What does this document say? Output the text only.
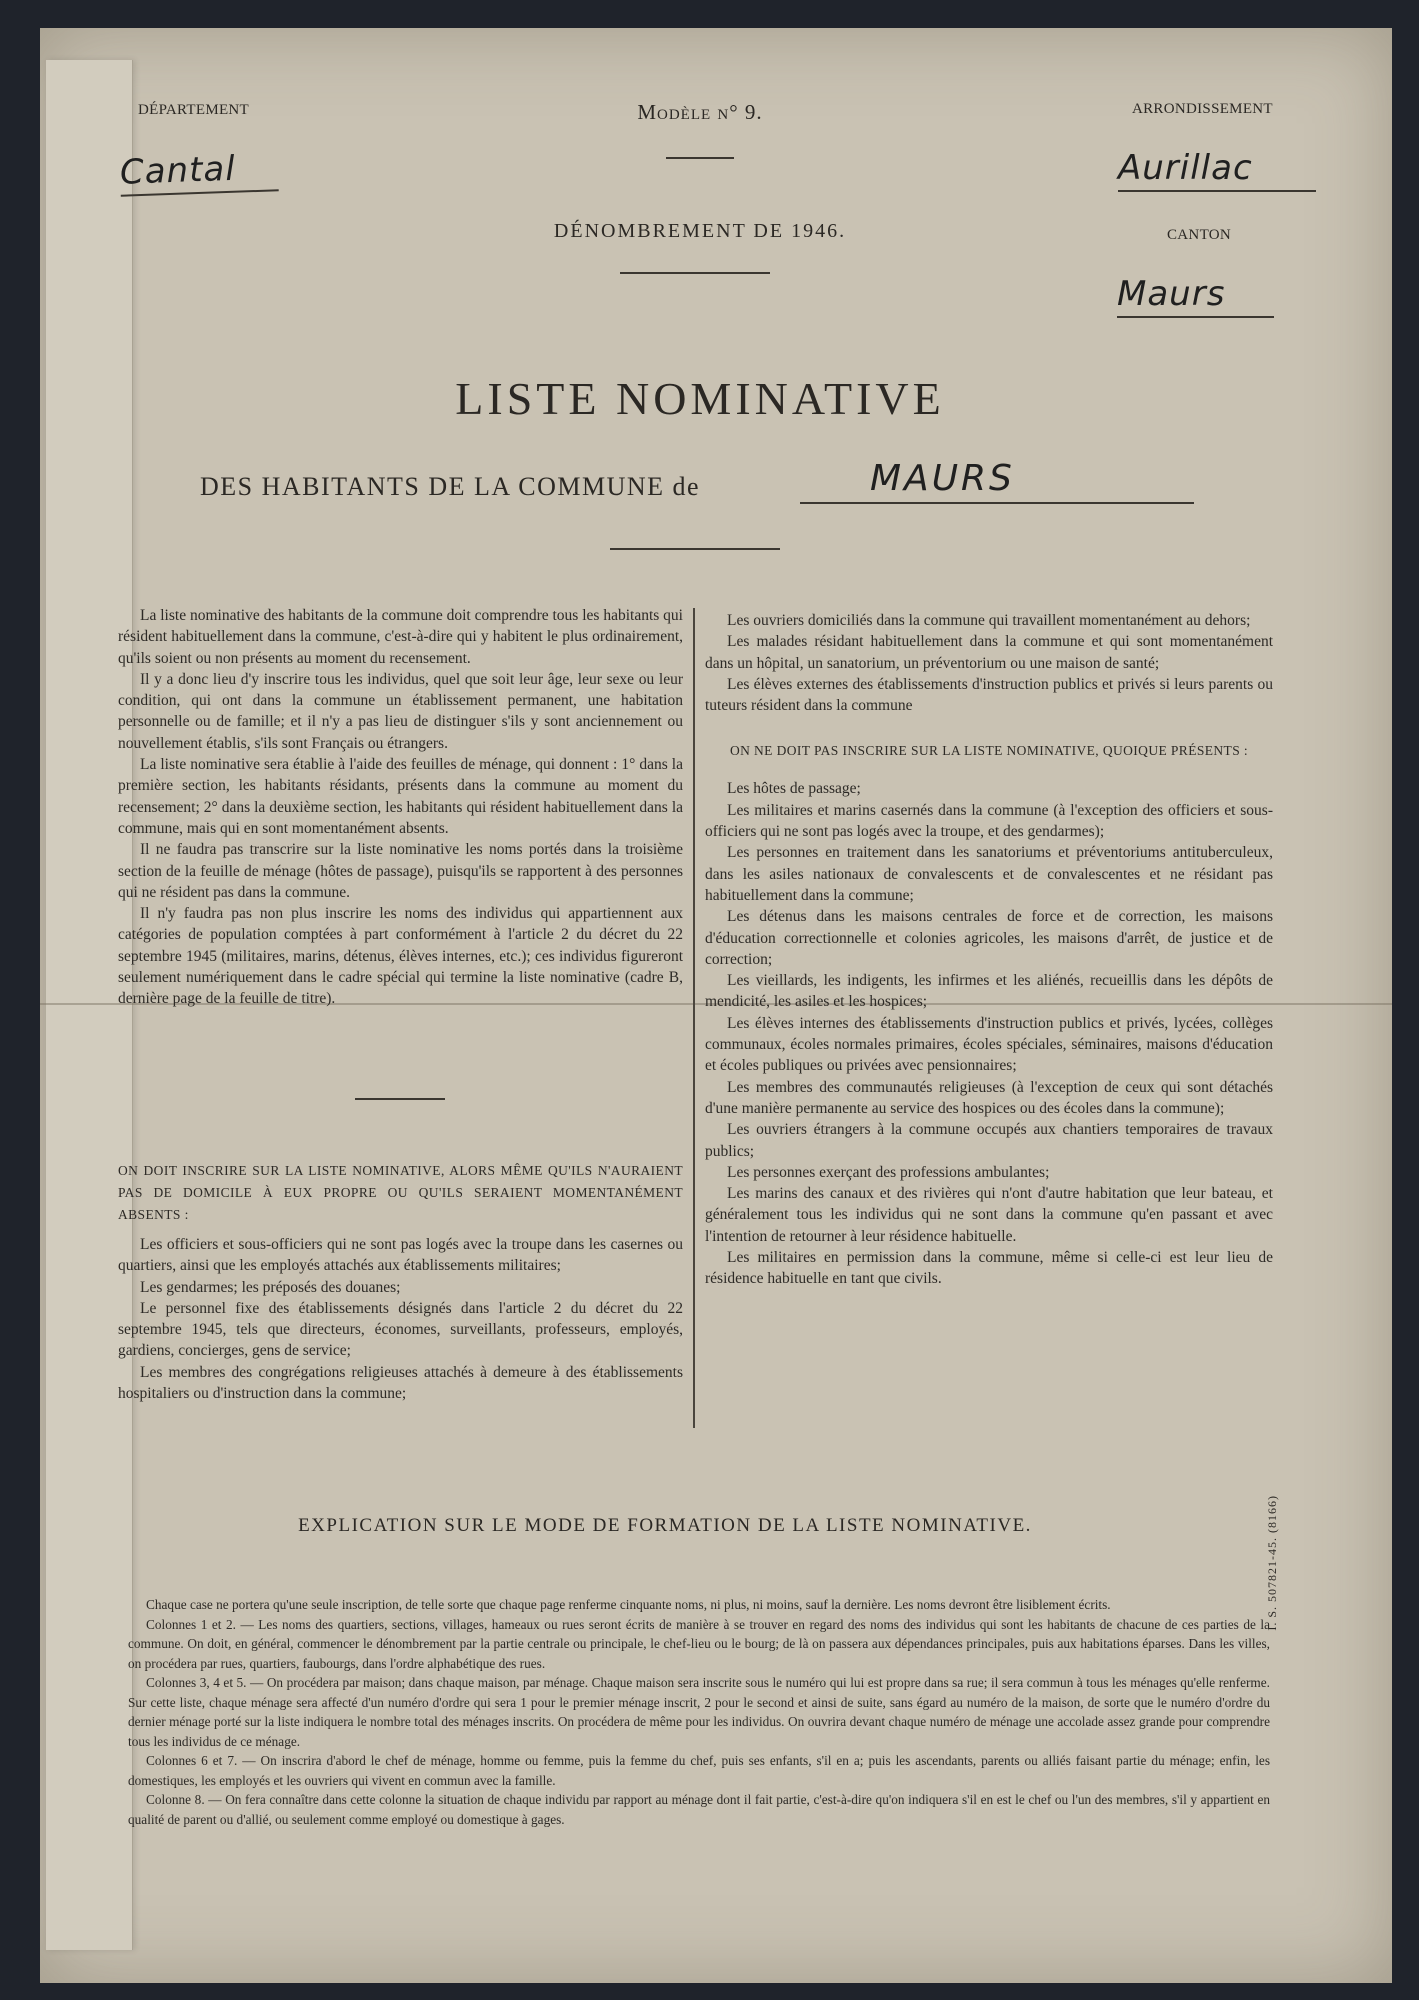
DÉPARTEMENT
Cantal
Modèle n° 9.	ARRONDISSEMENT
Aurillac
DÉNOMBREMENT DE 1946.	CANTON
Maurs
LISTE NOMINATIVE
DES HABITANTS DE LA COMMUNE de	MAURS

La liste nominative des habitants de la commune doit comprendre tous les habitants qui résident habituellement dans la commune, c'est-à-dire qui y habitent le plus ordinairement, qu'ils soient ou non présents au moment du recensement.

Il y a donc lieu d'y inscrire tous les individus, quel que soit leur âge, leur sexe ou leur condition, qui ont dans la commune un établissement permanent, une habitation personnelle ou de famille; et il n'y a pas lieu de distinguer s'ils y sont anciennement ou nouvellement établis, s'ils sont Français ou étrangers.

La liste nominative sera établie à l'aide des feuilles de ménage, qui donnent : 1° dans la première section, les habitants résidants, présents dans la commune au moment du recensement; 2° dans la deuxième section, les habitants qui résident habituellement dans la commune, mais qui en sont momentanément absents.

Il ne faudra pas transcrire sur la liste nominative les noms portés dans la troisième section de la feuille de ménage (hôtes de passage), puisqu'ils se rapportent à des personnes qui ne résident pas dans la commune.

Il n'y faudra pas non plus inscrire les noms des individus qui appartiennent aux catégories de population comptées à part conformément à l'article 2 du décret du 22 septembre 1945 (militaires, marins, détenus, élèves internes, etc.); ces individus figureront seulement numériquement dans le cadre spécial qui termine la liste nominative (cadre B, dernière page de la feuille de titre).

ON DOIT INSCRIRE SUR LA LISTE NOMINATIVE, ALORS MÊME QU'ILS N'AURAIENT PAS DE DOMICILE À EUX PROPRE OU QU'ILS SERAIENT MOMENTANÉMENT ABSENTS :

Les officiers et sous-officiers qui ne sont pas logés avec la troupe dans les casernes ou quartiers, ainsi que les employés attachés aux établissements militaires;

Les gendarmes; les préposés des douanes;

Le personnel fixe des établissements désignés dans l'article 2 du décret du 22 septembre 1945, tels que directeurs, économes, surveillants, professeurs, employés, gardiens, concierges, gens de service;

Les membres des congrégations religieuses attachés à demeure à des établissements hospitaliers ou d'instruction dans la commune;

Les ouvriers domiciliés dans la commune qui travaillent momentanément au dehors;

Les malades résidant habituellement dans la commune et qui sont momentanément dans un hôpital, un sanatorium, un préventorium ou une maison de santé;

Les élèves externes des établissements d'instruction publics et privés si leurs parents ou tuteurs résident dans la commune

ON NE DOIT PAS INSCRIRE SUR LA LISTE NOMINATIVE, QUOIQUE PRÉSENTS :

Les hôtes de passage;

Les militaires et marins casernés dans la commune (à l'exception des officiers et sous-officiers qui ne sont pas logés avec la troupe, et des gendarmes);

Les personnes en traitement dans les sanatoriums et préventoriums antituberculeux, dans les asiles nationaux de convalescents et de convalescentes et ne résidant pas habituellement dans la commune;

Les détenus dans les maisons centrales de force et de correction, les maisons d'éducation correctionnelle et colonies agricoles, les maisons d'arrêt, de justice et de correction;

Les vieillards, les indigents, les infirmes et les aliénés, recueillis dans les dépôts de mendicité, les asiles et les hospices;

Les élèves internes des établissements d'instruction publics et privés, lycées, collèges communaux, écoles normales primaires, écoles spéciales, séminaires, maisons d'éducation et écoles publiques ou privées avec pensionnaires;

Les membres des communautés religieuses (à l'exception de ceux qui sont détachés d'une manière permanente au service des hospices ou des écoles dans la commune);

Les ouvriers étrangers à la commune occupés aux chantiers temporaires de travaux publics;

Les personnes exerçant des professions ambulantes;

Les marins des canaux et des rivières qui n'ont d'autre habitation que leur bateau, et généralement tous les individus qui ne sont dans la commune qu'en passant et avec l'intention de retourner à leur résidence habituelle.

Les militaires en permission dans la commune, même si celle-ci est leur lieu de résidence habituelle en tant que civils.

EXPLICATION SUR LE MODE DE FORMATION DE LA LISTE NOMINATIVE.

Chaque case ne portera qu'une seule inscription, de telle sorte que chaque page renferme cinquante noms, ni plus, ni moins, sauf la dernière. Les noms devront être lisiblement écrits.

Colonnes 1 et 2. — Les noms des quartiers, sections, villages, hameaux ou rues seront écrits de manière à se trouver en regard des noms des individus qui sont les habitants de chacune de ces parties de la commune. On doit, en général, commencer le dénombrement par la partie centrale ou principale, le chef-lieu ou le bourg; de là on passera aux dépendances principales, puis aux habitations éparses. Dans les villes, on procédera par rues, quartiers, faubourgs, dans l'ordre alphabétique des rues.

Colonnes 3, 4 et 5. — On procédera par maison; dans chaque maison, par ménage. Chaque maison sera inscrite sous le numéro qui lui est propre dans sa rue; il sera commun à tous les ménages qu'elle renferme. Sur cette liste, chaque ménage sera affecté d'un numéro d'ordre qui sera 1 pour le premier ménage inscrit, 2 pour le second et ainsi de suite, sans égard au numéro de la maison, de sorte que le numéro d'ordre du dernier ménage porté sur la liste indiquera le nombre total des ménages inscrits. On procédera de même pour les individus. On ouvrira devant chaque numéro de ménage une accolade assez grande pour comprendre tous les individus de ce ménage.

Colonnes 6 et 7. — On inscrira d'abord le chef de ménage, homme ou femme, puis la femme du chef, puis ses enfants, s'il en a; puis les ascendants, parents ou alliés faisant partie du ménage; enfin, les domestiques, les employés et les ouvriers qui vivent en commun avec la famille.

Colonne 8. — On fera connaître dans cette colonne la situation de chaque individu par rapport au ménage dont il fait partie, c'est-à-dire qu'on indiquera s'il en est le chef ou l'un des membres, s'il y appartient en qualité de parent ou d'allié, ou seulement comme employé ou domestique à gages.

I. S. 507821-45. (8166)
